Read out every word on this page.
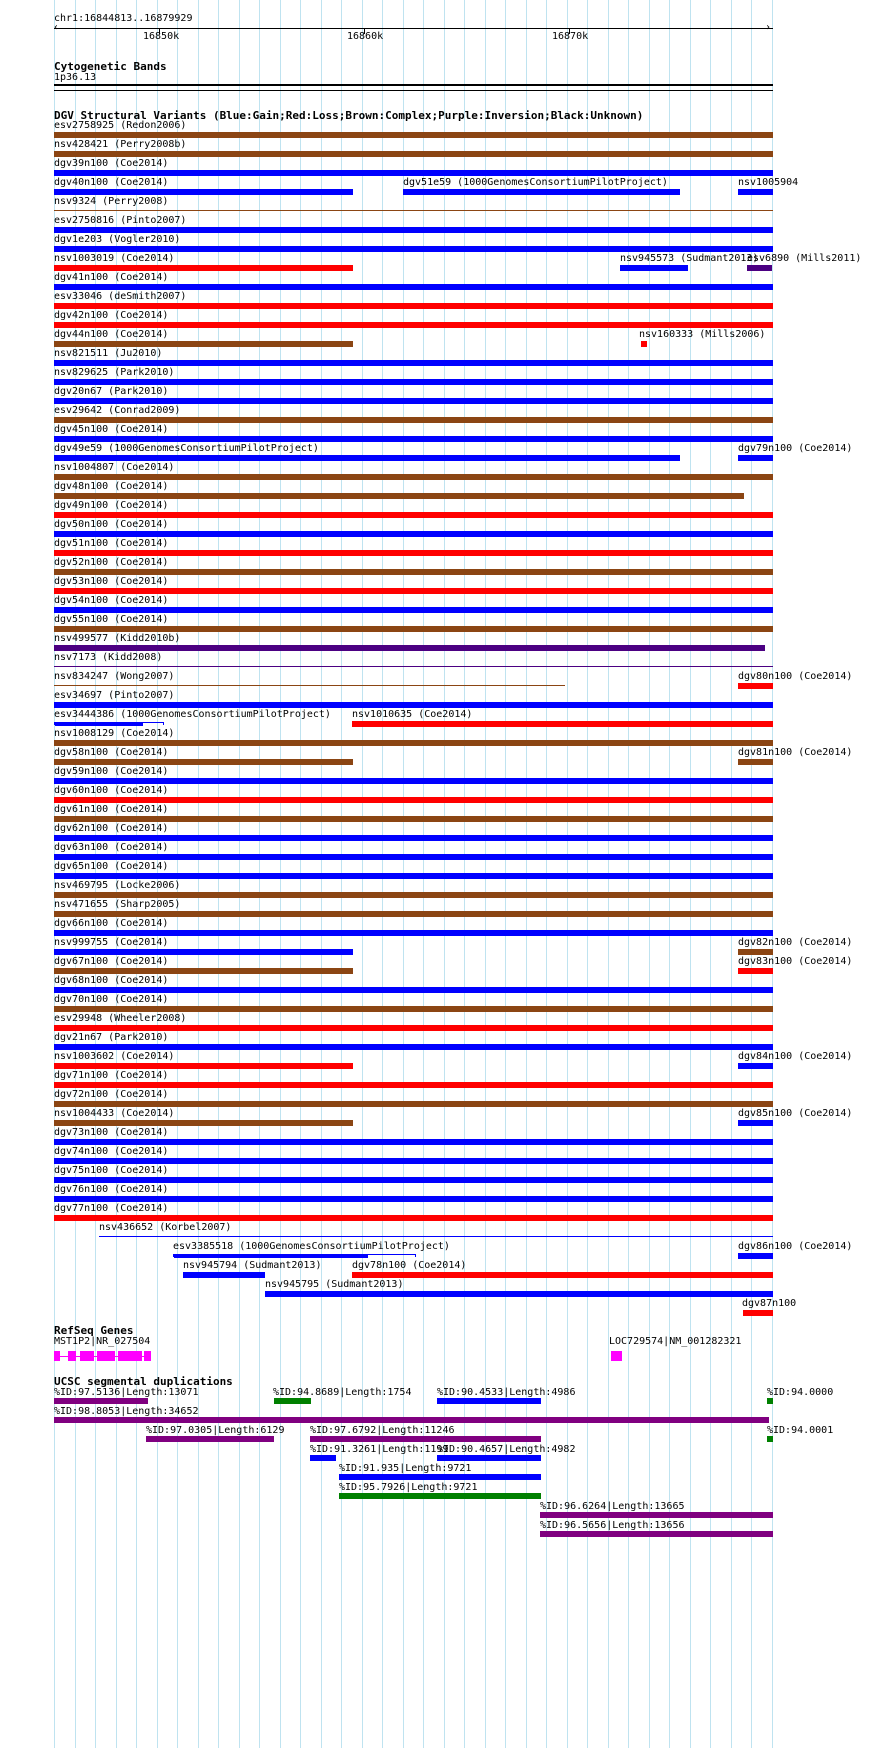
chr1:16844813..16879929
‹	›
16850k	16860k	16870k
Cytogenetic Bands
1p36.13
DGV Structural Variants (Blue:Gain;Red:Loss;Brown:Complex;Purple:Inversion;Black:Unknown)
esv2758925 (Redon2006)
nsv428421 (Perry2008b)
dgv39n100 (Coe2014)
dgv40n100 (Coe2014)	dgv51e59 (1000GenomesConsortiumPilotProject)	nsv1005904
nsv9324 (Perry2008)
esv2750816 (Pinto2007)
dgv1e203 (Vogler2010)
nsv1003019 (Coe2014)	nsv945573 (Sudmant2013)
esv6890 (Mills2011)
dgv41n100 (Coe2014)
esv33046 (deSmith2007)
dgv42n100 (Coe2014)
dgv44n100 (Coe2014)	nsv160333 (Mills2006)
nsv821511 (Ju2010)
nsv829625 (Park2010)
dgv20n67 (Park2010)
esv29642 (Conrad2009)
dgv45n100 (Coe2014)
dgv49e59 (1000GenomesConsortiumPilotProject)	dgv79n100 (Coe2014)
nsv1004807 (Coe2014)
dgv48n100 (Coe2014)
dgv49n100 (Coe2014)
dgv50n100 (Coe2014)
dgv51n100 (Coe2014)
dgv52n100 (Coe2014)
dgv53n100 (Coe2014)
dgv54n100 (Coe2014)
dgv55n100 (Coe2014)
nsv499577 (Kidd2010b)
nsv7173 (Kidd2008)
nsv834247 (Wong2007)	dgv80n100 (Coe2014)
esv34697 (Pinto2007)
esv3444386 (1000GenomesConsortiumPilotProject) nsv1010635 (Coe2014)
nsv1008129 (Coe2014)
dgv58n100 (Coe2014)	dgv81n100 (Coe2014)
dgv59n100 (Coe2014)
dgv60n100 (Coe2014)
dgv61n100 (Coe2014)
dgv62n100 (Coe2014)
dgv63n100 (Coe2014)
dgv65n100 (Coe2014)
nsv469795 (Locke2006)
nsv471655 (Sharp2005)
dgv66n100 (Coe2014)
nsv999755 (Coe2014)	dgv82n100 (Coe2014)
dgv67n100 (Coe2014)	dgv83n100 (Coe2014)
dgv68n100 (Coe2014)
dgv70n100 (Coe2014)
esv29948 (Wheeler2008)
dgv21n67 (Park2010)
nsv1003602 (Coe2014)	dgv84n100 (Coe2014)
dgv71n100 (Coe2014)
dgv72n100 (Coe2014)
nsv1004433 (Coe2014)	dgv85n100 (Coe2014)
dgv73n100 (Coe2014)
dgv74n100 (Coe2014)
dgv75n100 (Coe2014)
dgv76n100 (Coe2014)
dgv77n100 (Coe2014)
nsv436652 (Korbel2007)
esv3385518 (1000GenomesConsortiumPilotProject)	dgv86n100 (Coe2014)
nsv945794 (Sudmant2013)	dgv78n100 (Coe2014)
nsv945795 (Sudmant2013)
dgv87n100
RefSeq Genes
MST1P2|NR_027504	LOC729574|NM_001282321
UCSC segmental duplications
%ID:97.5136|Length:13071	%ID:94.8689|Length:1754	%ID:90.4533|Length:4986	%ID:94.0000
%ID:98.8053|Length:34652
%ID:97.0305|Length:6129	%ID:97.6792|Length:11246	%ID:94.0001
%ID:91.3261|Length:1199
%ID:90.4657|Length:4982
%ID:91.935|Length:9721
%ID:95.7926|Length:9721
%ID:96.6264|Length:13665
%ID:96.5656|Length:13656
